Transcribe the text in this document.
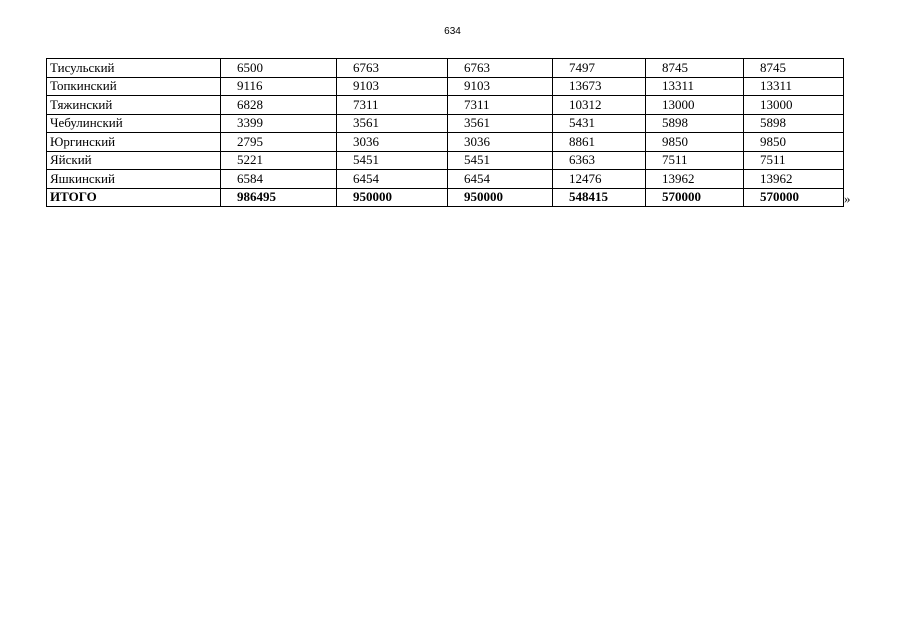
634
Тисульский	6500	6763	6763	7497	8745	8745
Топкинский	9116	9103	9103	13673	13311	13311
Тяжинский	6828	7311	7311	10312	13000	13000
Чебулинский	3399	3561	3561	5431	5898	5898
Юргинский	2795	3036	3036	8861	9850	9850
Яйский	5221	5451	5451	6363	7511	7511
Яшкинский	6584	6454	6454	12476	13962	13962
ИТОГО	986495	950000	950000	548415	570000	570000	»
